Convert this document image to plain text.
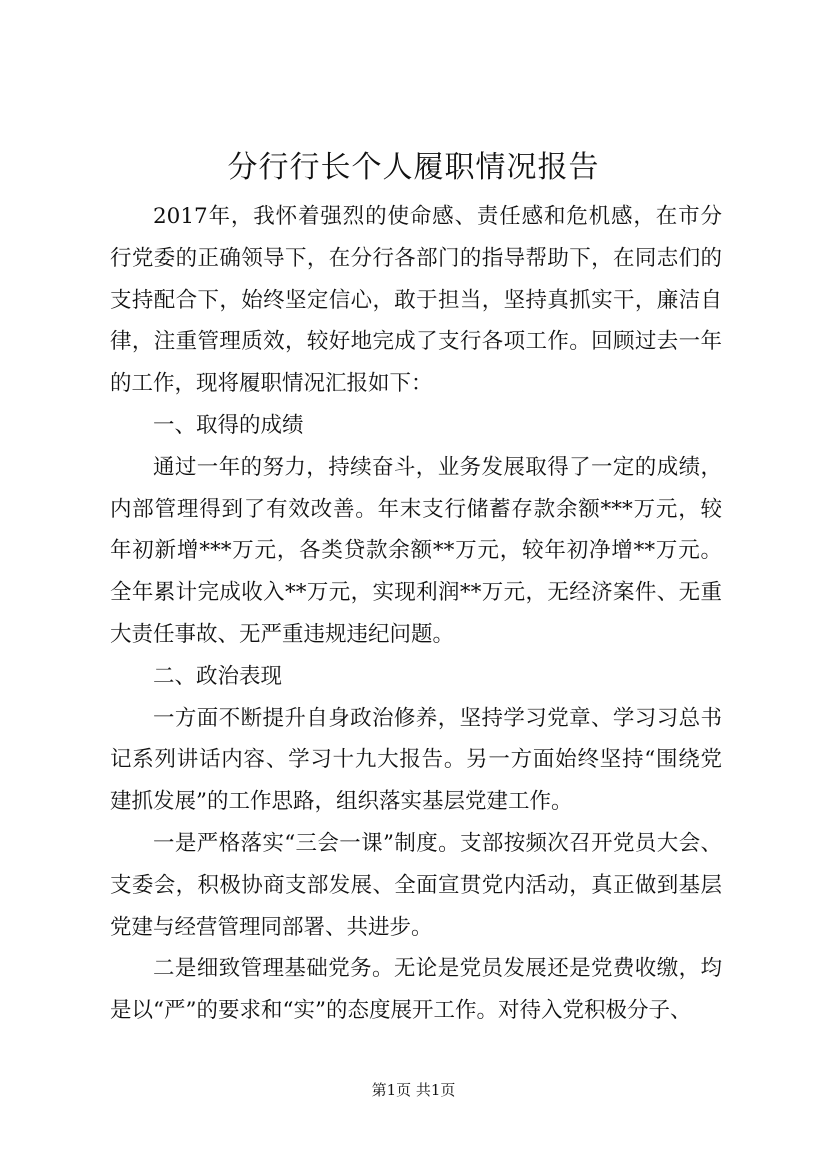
分行行长个人履职情况报告

2017年，我怀着强烈的使命感、责任感和危机感，在市分行党委的正确领导下，在分行各部门的指导帮助下，在同志们的支持配合下，始终坚定信心，敢于担当，坚持真抓实干，廉洁自律，注重管理质效，较好地完成了支行各项工作。回顾过去一年的工作，现将履职情况汇报如下：

一、取得的成绩

通过一年的努力，持续奋斗，业务发展取得了一定的成绩，内部管理得到了有效改善。年末支行储蓄存款余额***万元，较年初新增***万元，各类贷款余额**万元，较年初净增**万元。全年累计完成收入**万元，实现利润**万元，无经济案件、无重大责任事故、无严重违规违纪问题。

二、政治表现

一方面不断提升自身政治修养，坚持学习党章、学习习总书记系列讲话内容、学习十九大报告。另一方面始终坚持“围绕党建抓发展”的工作思路，组织落实基层党建工作。

一是严格落实“三会一课”制度。支部按频次召开党员大会、支委会，积极协商支部发展、全面宣贯党内活动，真正做到基层党建与经营管理同部署、共进步。

二是细致管理基础党务。无论是党员发展还是党费收缴，均是以“严”的要求和“实”的态度展开工作。对待入党积极分子、

第1页 共1页
